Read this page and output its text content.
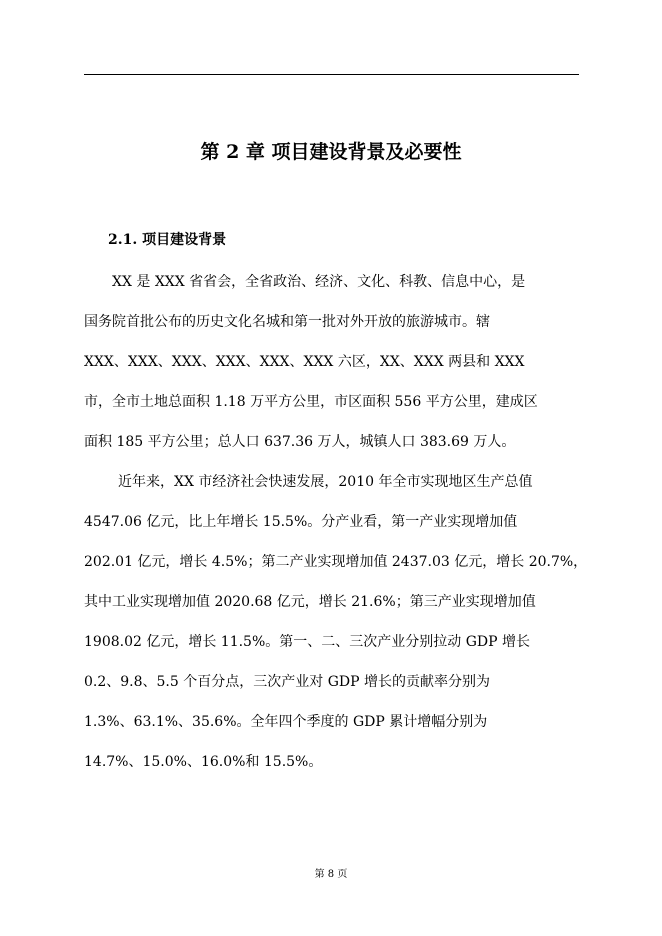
第 2 章 项目建设背景及必要性
2.1. 项目建设背景
XX 是 XXX 省省会，全省政治、经济、文化、科教、信息中心，是
国务院首批公布的历史文化名城和第一批对外开放的旅游城市。辖
XXX、XXX、XXX、XXX、XXX、XXX 六区，XX、XXX 两县和 XXX
市，全市土地总面积 1.18 万平方公里，市区面积 556 平方公里，建成区
面积 185 平方公里；总人口 637.36 万人，城镇人口 383.69 万人。
近年来，XX 市经济社会快速发展，2010 年全市实现地区生产总值
4547.06 亿元，比上年增长 15.5%。分产业看，第一产业实现增加值
202.01 亿元，增长 4.5%；第二产业实现增加值 2437.03 亿元，增长 20.7%，
其中工业实现增加值 2020.68 亿元，增长 21.6%；第三产业实现增加值
1908.02 亿元，增长 11.5%。第一、二、三次产业分别拉动 GDP 增长
0.2、9.8、5.5 个百分点，三次产业对 GDP 增长的贡献率分别为
1.3%、63.1%、35.6%。全年四个季度的 GDP 累计增幅分别为
14.7%、15.0%、16.0%和 15.5%。
第 8 页
